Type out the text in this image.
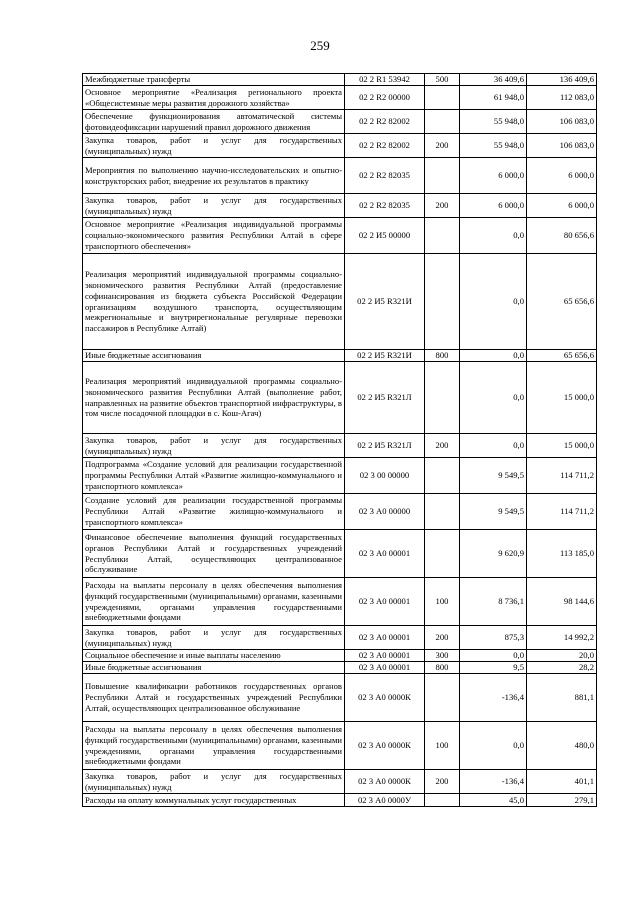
259
Межбюджетные трансферты	02 2 R1 53942	500	36 409,6	136 409,6
Основное мероприятие «Реализация регионального проекта «Общесистемные меры развития дорожного хозяйства»	02 2 R2 00000		61 948,0	112 083,0
Обеспечение функционирования автоматической системы фотовидеофиксации нарушений правил дорожного движения	02 2 R2 82002		55 948,0	106 083,0
Закупка товаров, работ и услуг для государственных (муниципальных) нужд	02 2 R2 82002	200	55 948,0	106 083,0
Мероприятия по выполнению научно-исследовательских и опытно-конструкторских работ, внедрение их результатов в практику	02 2 R2 82035		6 000,0	6 000,0
Закупка товаров, работ и услуг для государственных (муниципальных) нужд	02 2 R2 82035	200	6 000,0	6 000,0
Основное мероприятие «Реализация индивидуальной программы социально-экономического развития Республики Алтай в сфере транспортного обеспечения»	02 2 И5 00000		0,0	80 656,6
Реализация мероприятий индивидуальной программы социально-экономического развития Республики Алтай (предоставление софинансирования из бюджета субъекта Российской Федерации организациям воздушного транспорта, осуществляющим межрегиональные и внутрирегиональные регулярные перевозки пассажиров в Республике Алтай)	02 2 И5 R321И		0,0	65 656,6
Иные бюджетные ассигнования	02 2 И5 R321И	800	0,0	65 656,6
Реализация мероприятий индивидуальной программы социально-экономического развития Республики Алтай (выполнение работ, направленных на развитие объектов транспортной инфраструктуры, в том числе посадочной площадки в с. Кош-Агач)	02 2 И5 R321Л		0,0	15 000,0
Закупка товаров, работ и услуг для государственных (муниципальных) нужд	02 2 И5 R321Л	200	0,0	15 000,0
Подпрограмма «Создание условий для реализации государственной программы Республики Алтай «Развитие жилищно-коммунального и транспортного комплекса»	02 3 00 00000		9 549,5	114 711,2
Создание условий для реализации государственной программы Республики Алтай «Развитие жилищно-коммунального и транспортного комплекса»	02 3 А0 00000		9 549,5	114 711,2
Финансовое обеспечение выполнения функций государственных органов Республики Алтай и государственных учреждений Республики Алтай, осуществляющих централизованное обслуживание	02 3 А0 00001		9 620,9	113 185,0
Расходы на выплаты персоналу в целях обеспечения выполнения функций государственными (муниципальными) органами, казенными учреждениями, органами управления государственными внебюджетными фондами	02 3 А0 00001	100	8 736,1	98 144,6
Закупка товаров, работ и услуг для государственных (муниципальных) нужд	02 3 А0 00001	200	875,3	14 992,2
Социальное обеспечение и иные выплаты населению	02 3 А0 00001	300	0,0	20,0
Иные бюджетные ассигнования	02 3 А0 00001	800	9,5	28,2
Повышение квалификации работников государственных органов Республики Алтай и государственных учреждений Республики Алтай, осуществляющих централизованное обслуживание	02 3 А0 0000К		-136,4	881,1
Расходы на выплаты персоналу в целях обеспечения выполнения функций государственными (муниципальными) органами, казенными учреждениями, органами управления государственными внебюджетными фондами	02 3 А0 0000К	100	0,0	480,0
Закупка товаров, работ и услуг для государственных (муниципальных) нужд	02 3 А0 0000К	200	-136,4	401,1
Расходы на оплату коммунальных услуг государственных	02 3 А0 0000У		45,0	279,1
